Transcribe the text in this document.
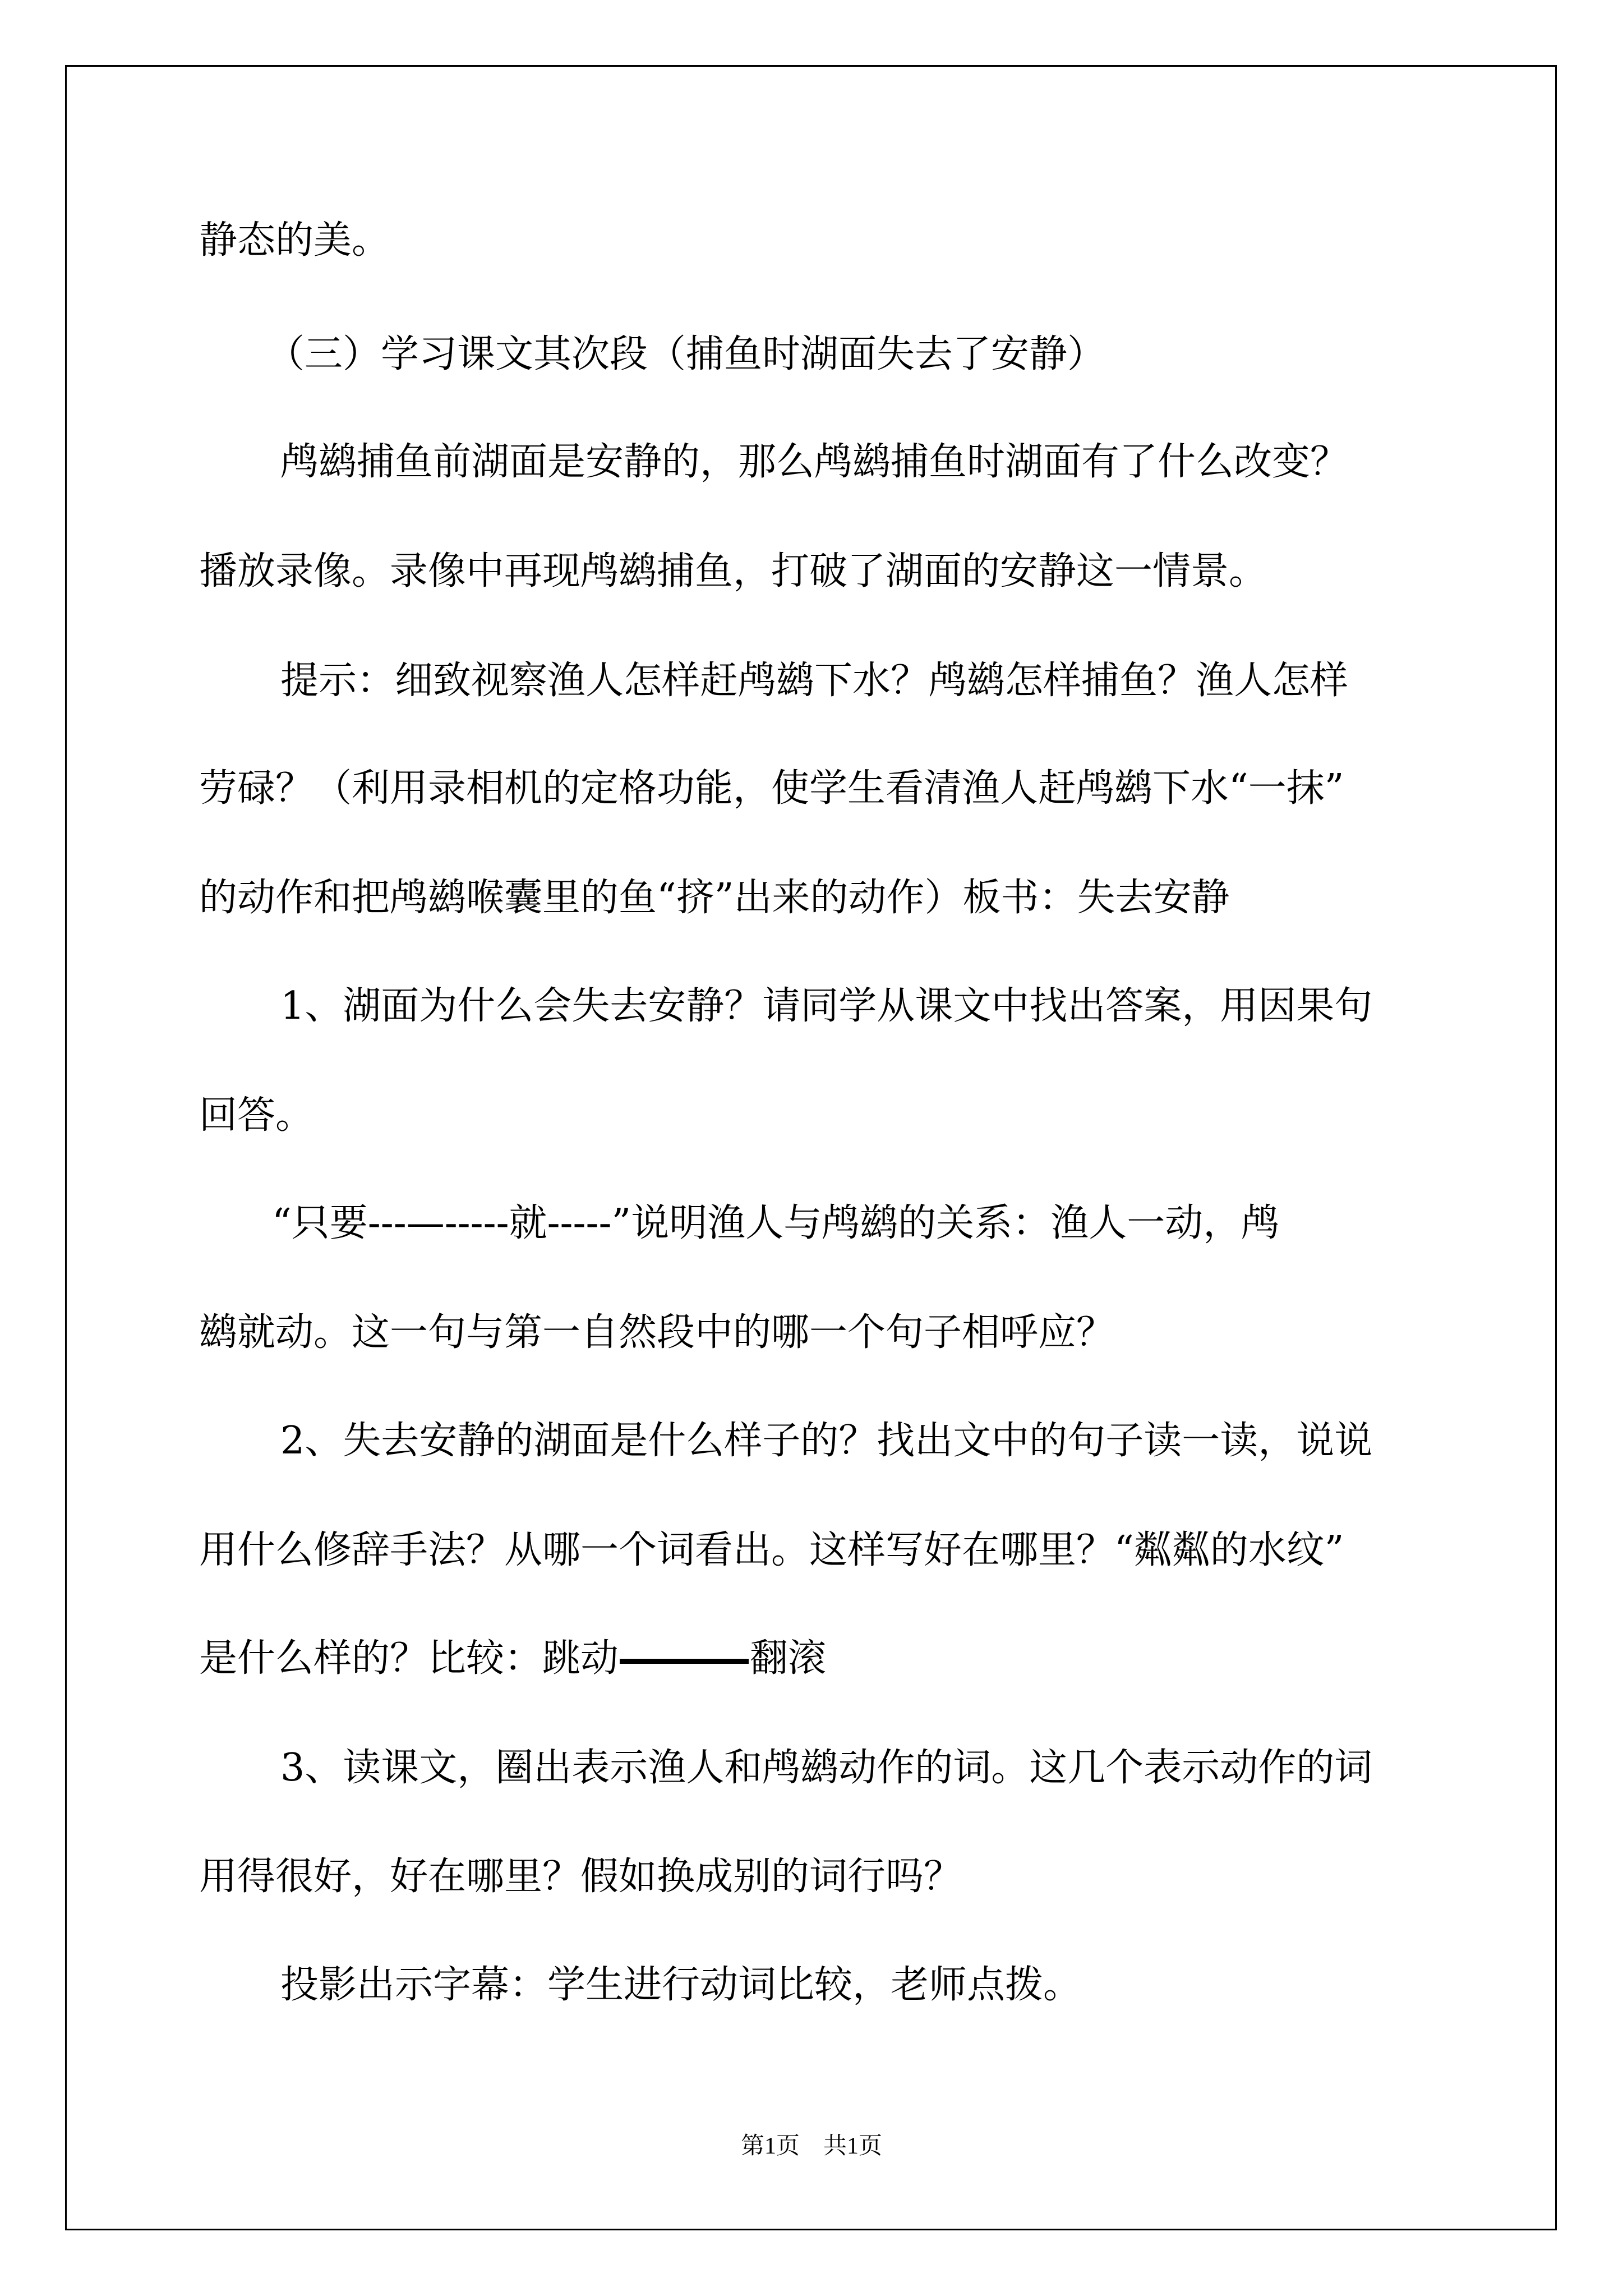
静态的美。
（三）学习课文其次段（捕鱼时湖面失去了安静）
鸬鹚捕鱼前湖面是安静的，那么鸬鹚捕鱼时湖面有了什么改变？
播放录像。录像中再现鸬鹚捕鱼，打破了湖面的安静这一情景。
提示：细致视察渔人怎样赶鸬鹚下水？鸬鹚怎样捕鱼？渔人怎样
劳碌？（利用录相机的定格功能，使学生看清渔人赶鸬鹚下水“一抹”
的动作和把鸬鹚喉囊里的鱼“挤”出来的动作）板书：失去安静
1、湖面为什么会失去安静？请同学从课文中找出答案，用因果句
回答。
“只要---—-----就-----”说明渔人与鸬鹚的关系：渔人一动，鸬
鹚就动。这一句与第一自然段中的哪一个句子相呼应？
2、失去安静的湖面是什么样子的？找出文中的句子读一读，说说
用什么修辞手法？从哪一个词看出。这样写好在哪里？“粼粼的水纹”
是什么样的？比较：跳动	翻滚
3、读课文，圈出表示渔人和鸬鹚动作的词。这几个表示动作的词
用得很好，好在哪里？假如换成别的词行吗？
投影出示字幕：学生进行动词比较，老师点拨。
第1页 共1页
